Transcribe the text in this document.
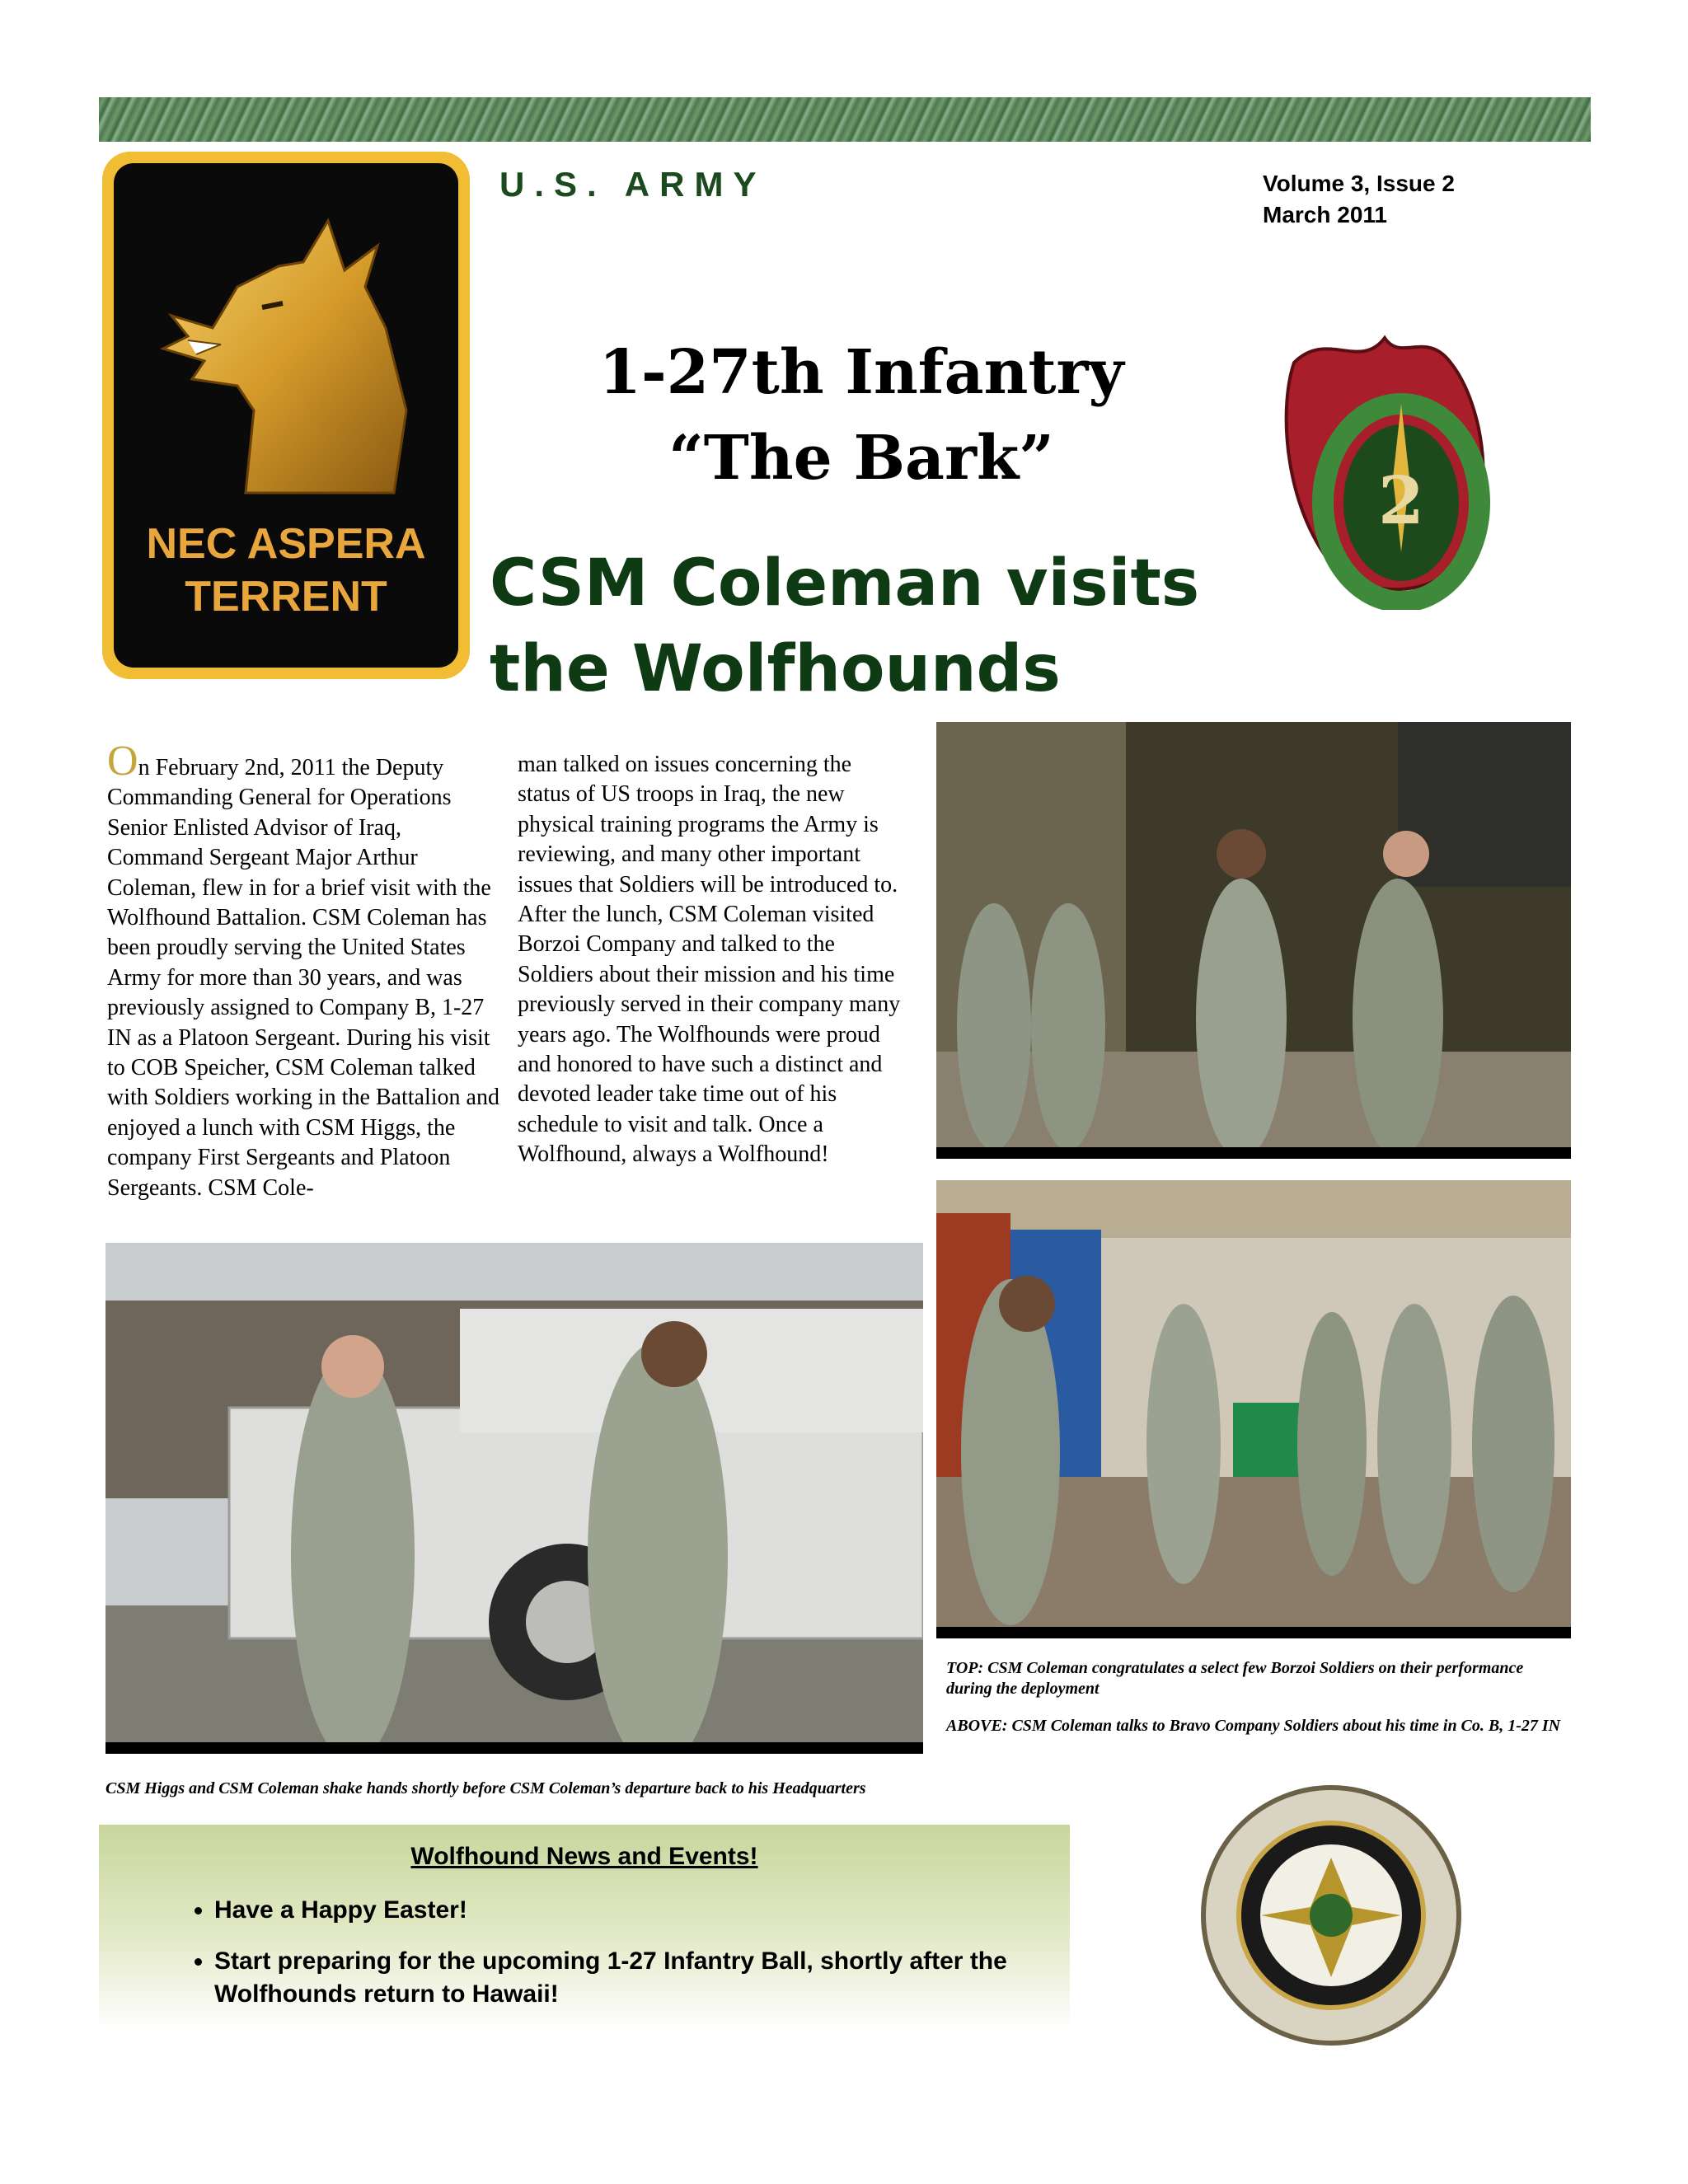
NEC ASPERA
TERRENT
U.S. ARMY	Volume 3, Issue 2
March 2011
1-27th Infantry
“The Bark”
2
CSM Coleman visits the Wolfhounds
On February 2nd, 2011 the Deputy Commanding General for Operations Senior Enlisted Advisor of Iraq, Command Sergeant Major Arthur Coleman, flew in for a brief visit with the Wolfhound Battalion. CSM Coleman has been proudly serving the United States Army for more than 30 years, and was previously assigned to Company B, 1-27 IN as a Platoon Sergeant. During his visit to COB Speicher, CSM Coleman talked with Soldiers working in the Battalion and enjoyed a lunch with CSM Higgs, the company First Sergeants and Platoon Sergeants. CSM Cole-
man talked on issues concerning the status of US troops in Iraq, the new physical training programs the Army is reviewing, and many other important issues that Soldiers will be introduced to. After the lunch, CSM Coleman visited Borzoi Company and talked to the Soldiers about their mission and his time previously served in their company many years ago. The Wolfhounds were proud and honored to have such a distinct and devoted leader take time out of his schedule to visit and talk. Once a Wolfhound, always a Wolfhound!
TOP: CSM Coleman congratulates a select few Borzoi Soldiers on their performance during the deployment
ABOVE: CSM Coleman talks to Bravo Company Soldiers about his time in Co. B, 1-27 IN
CSM Higgs and CSM Coleman shake hands shortly before CSM Coleman’s departure back to his Headquarters
Wolfhound News and Events!
• Have a Happy Easter!
• Start preparing for the upcoming 1-27 Infantry Ball, shortly after the Wolfhounds return to Hawaii!
